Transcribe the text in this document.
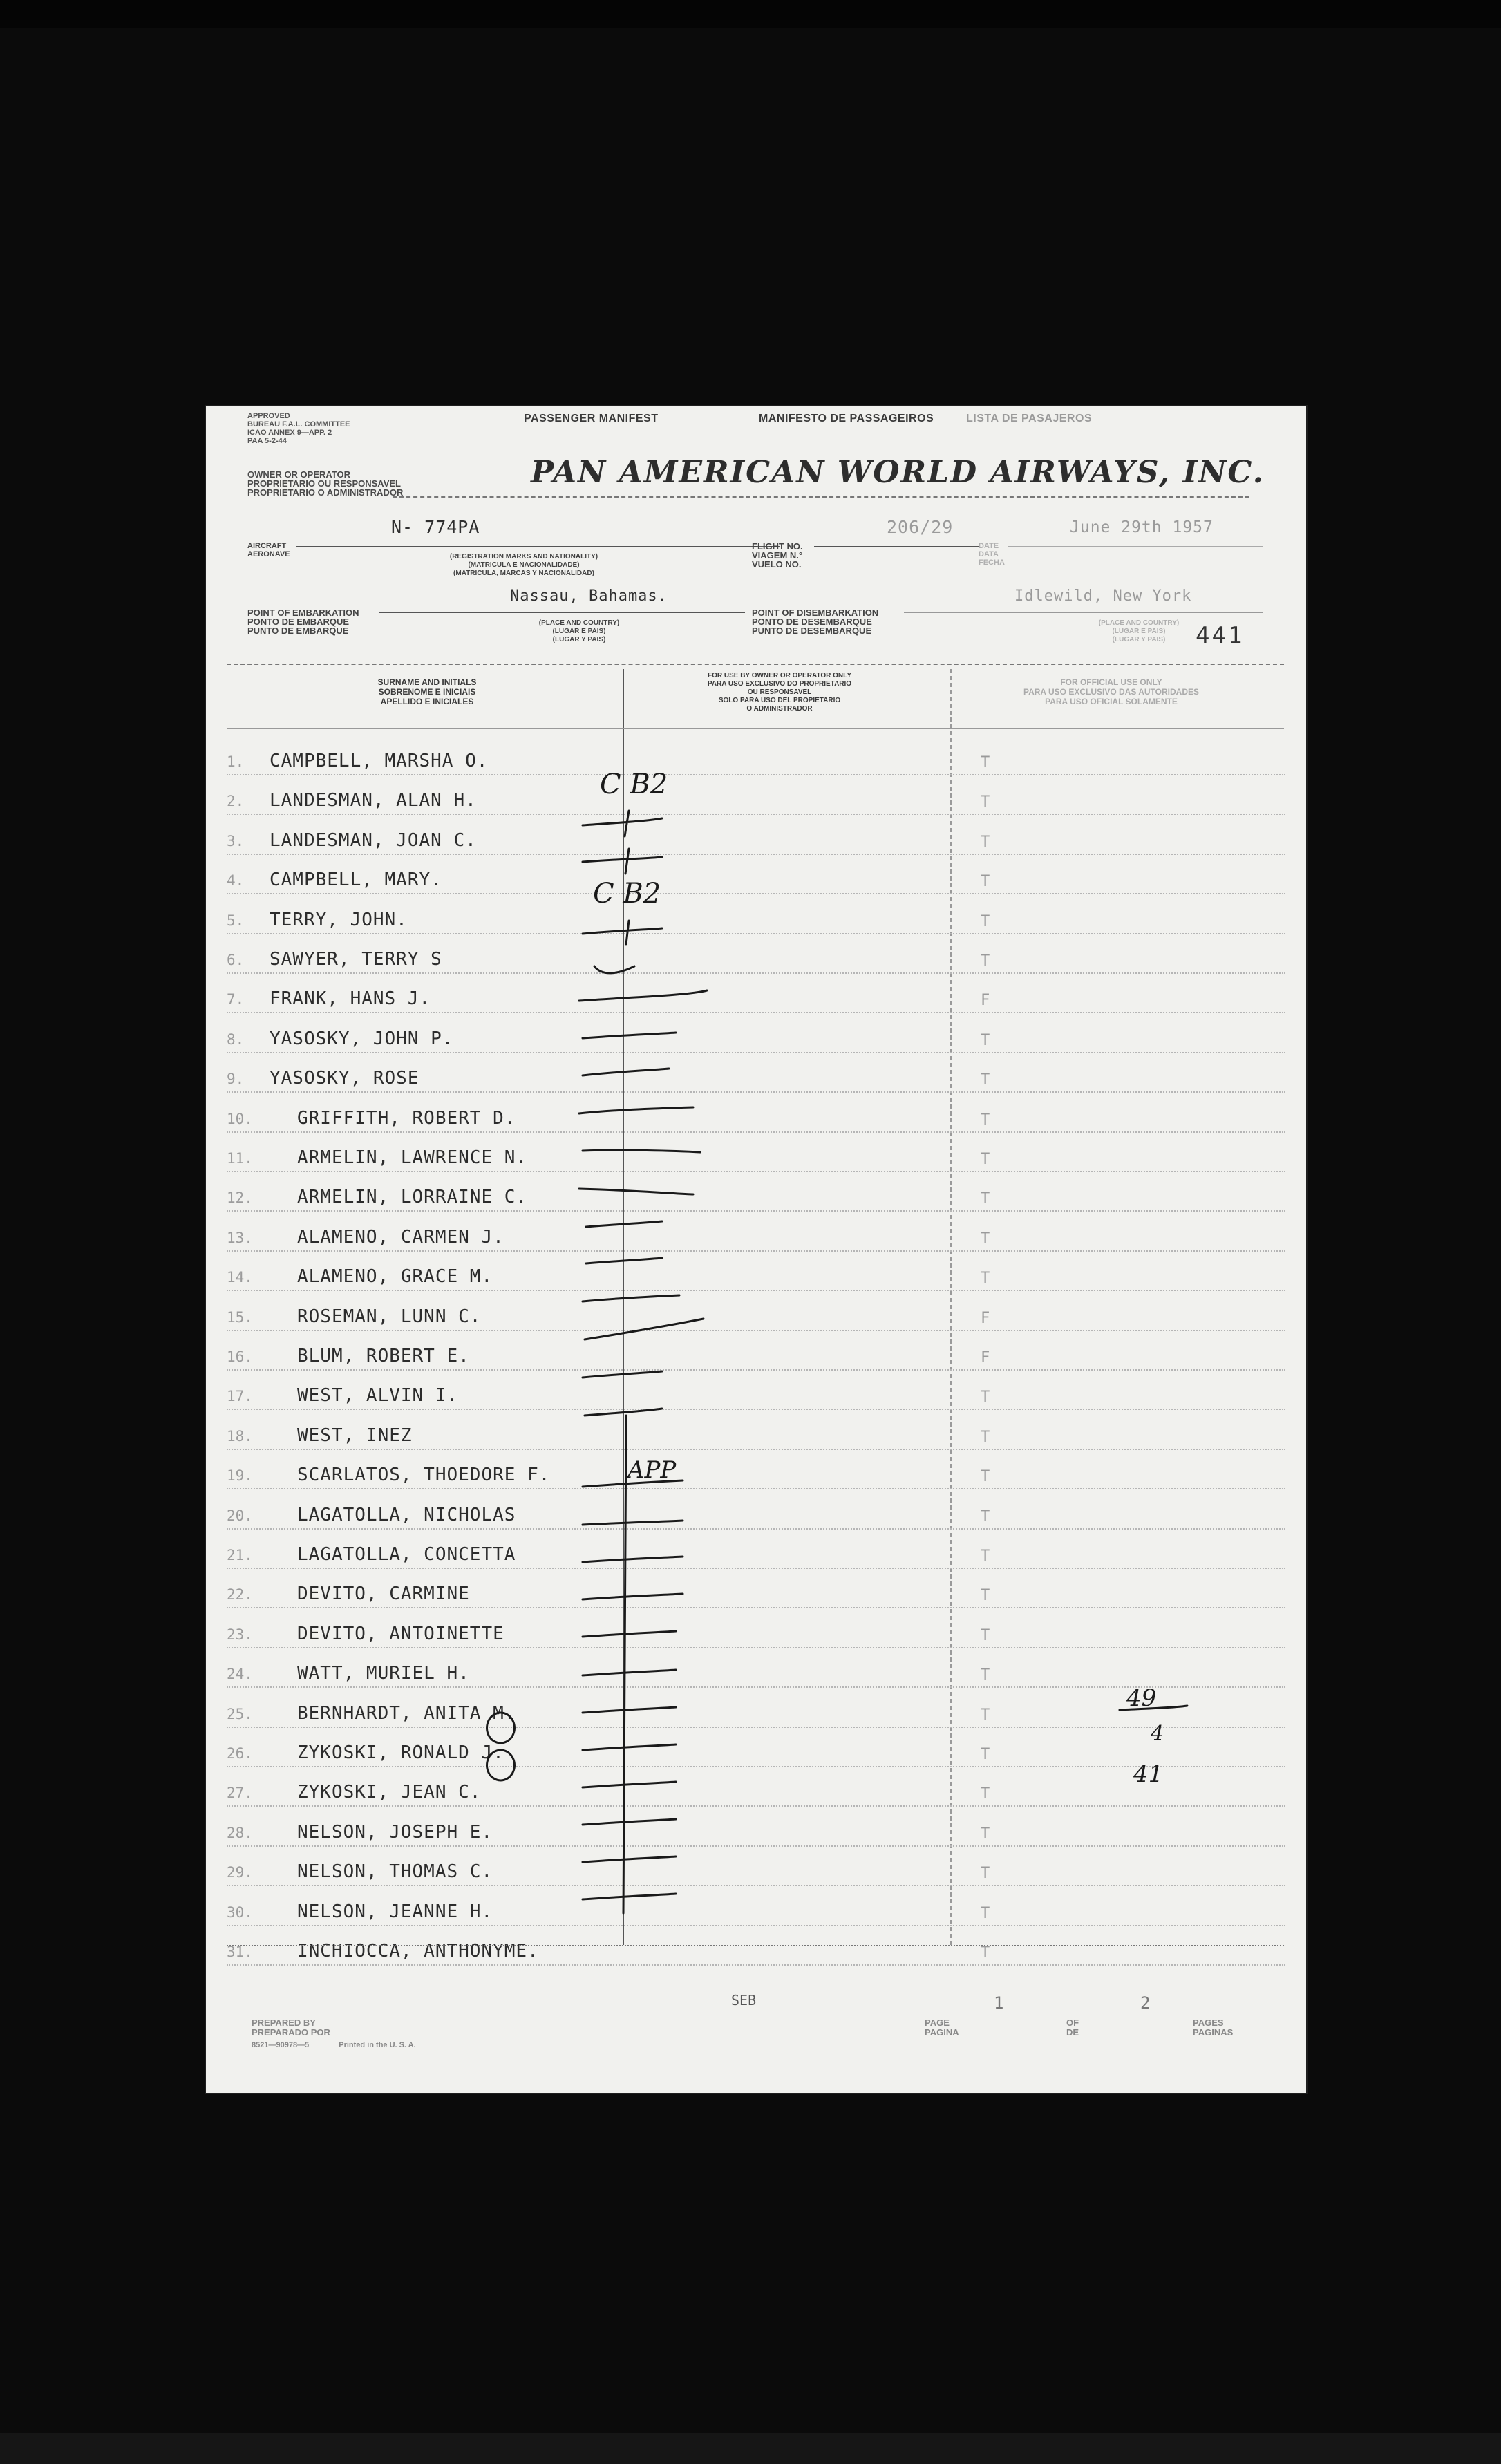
APPROVED
BUREAU F.A.L. COMMITTEE
ICAO ANNEX 9—APP. 2
PAA 5-2-44
PASSENGER MANIFEST	MANIFESTO DE PASSAGEIROS	LISTA DE PASAJEROS
OWNER OR OPERATOR
PROPRIETARIO OU RESPONSAVEL
PROPRIETARIO O ADMINISTRADOR
PAN AMERICAN WORLD AIRWAYS, INC.
N- 774PA	206/29	June 29th 1957
AIRCRAFT
AERONAVE	(REGISTRATION MARKS AND NATIONALITY)
(MATRICULA E NACIONALIDADE)
(MATRICULA, MARCAS Y NACIONALIDAD)
FLIGHT NO.
VIAGEM N.°
VUELO NO.
DATE
DATA
FECHA
Nassau, Bahamas.	Idlewild, New York
POINT OF EMBARKATION
PONTO DE EMBARQUE
PUNTO DE EMBARQUE
(PLACE AND COUNTRY)
(LUGAR E PAIS)
(LUGAR Y PAIS)
POINT OF DISEMBARKATION
PONTO DE DESEMBARQUE
PUNTO DE DESEMBARQUE
(PLACE AND COUNTRY)
(LUGAR E PAIS)
(LUGAR Y PAIS)	441
SURNAME AND INITIALS
SOBRENOME E INICIAIS
APELLIDO E INICIALES
FOR USE BY OWNER OR OPERATOR ONLY
PARA USO EXCLUSIVO DO PROPRIETARIO
OU RESPONSAVEL
SOLO PARA USO DEL PROPIETARIO
O ADMINISTRADOR
FOR OFFICIAL USE ONLY
PARA USO EXCLUSIVO DAS AUTORIDADES
PARA USO OFICIAL SOLAMENTE
1. CAMPBELL, MARSHA O.	T
2. LANDESMAN, ALAN H.	T
3. LANDESMAN, JOAN C.	T
4. CAMPBELL, MARY.	T
5. TERRY, JOHN.	T
6. SAWYER, TERRY S	T
7. FRANK, HANS J.	F
8. YASOSKY, JOHN P.	T
9. YASOSKY, ROSE	T
10. GRIFFITH, ROBERT D.	T
11. ARMELIN, LAWRENCE N.	T
12. ARMELIN, LORRAINE C.	T
13. ALAMENO, CARMEN J.	T
14. ALAMENO, GRACE M.	T
15. ROSEMAN, LUNN C.	F
16. BLUM, ROBERT E.	F
17. WEST, ALVIN I.	T
18. WEST, INEZ	T
19. SCARLATOS, THOEDORE F.	T
20. LAGATOLLA, NICHOLAS	T
21. LAGATOLLA, CONCETTA	T
22. DEVITO, CARMINE	T
23. DEVITO, ANTOINETTE	T
24. WATT, MURIEL H.	T
25. BERNHARDT, ANITA M.	T
26. ZYKOSKI, RONALD J.	T
27. ZYKOSKI, JEAN C.	T
28. NELSON, JOSEPH E.	T
29. NELSON, THOMAS C.	T
30. NELSON, JEANNE H.	T
31. INCHIOCCA, ANTHONYME.	T
C B2
C B2
APP
49
4
41
PREPARED BY
PREPARADO POR
SEB
8521—90978—5	Printed in the U. S. A.
PAGE
PAGINA
1
OF
DE
2
PAGES
PAGINAS
